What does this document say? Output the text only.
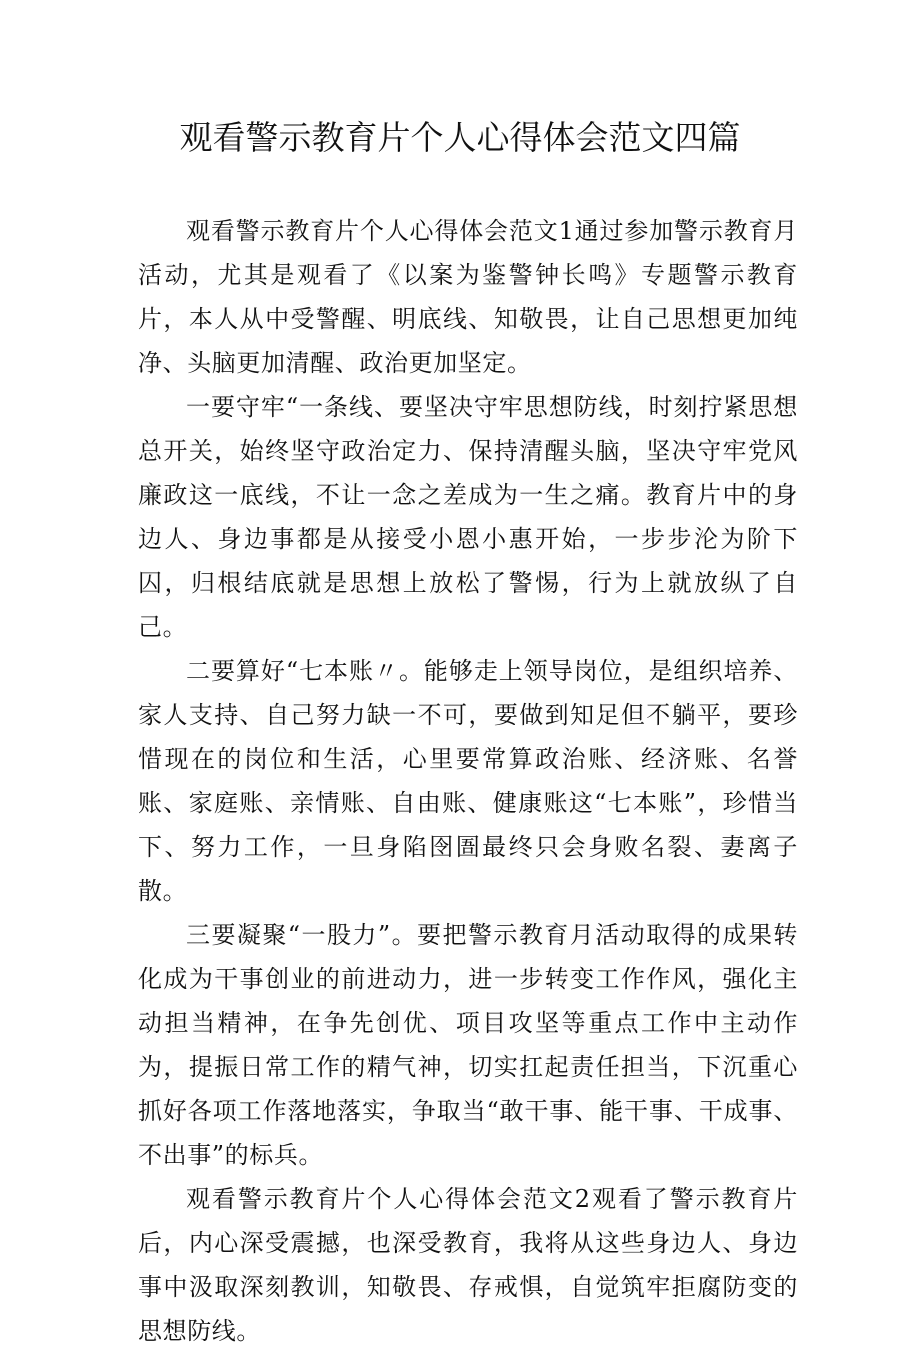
观看警示教育片个人心得体会范文四篇

观看警示教育片个人心得体会范文1通过参加警示教育月活动，尤其是观看了《以案为鉴警钟长鸣》专题警示教育片，本人从中受警醒、明底线、知敬畏，让自己思想更加纯净、头脑更加清醒、政治更加坚定。

一要守牢“一条线、要坚决守牢思想防线，时刻拧紧思想总开关，始终坚守政治定力、保持清醒头脑，坚决守牢党风廉政这一底线，不让一念之差成为一生之痛。教育片中的身边人、身边事都是从接受小恩小惠开始，一步步沦为阶下囚，归根结底就是思想上放松了警惕，行为上就放纵了自己。

二要算好“七本账〃。能够走上领导岗位，是组织培养、家人支持、自己努力缺一不可，要做到知足但不躺平，要珍惜现在的岗位和生活，心里要常算政治账、经济账、名誉账、家庭账、亲情账、自由账、健康账这“七本账”，珍惜当下、努力工作，一旦身陷囹圄最终只会身败名裂、妻离子散。

三要凝聚“一股力”。要把警示教育月活动取得的成果转化成为干事创业的前进动力，进一步转变工作作风，强化主动担当精神，在争先创优、项目攻坚等重点工作中主动作为，提振日常工作的精气神，切实扛起责任担当，下沉重心抓好各项工作落地落实，争取当“敢干事、能干事、干成事、不出事”的标兵。

观看警示教育片个人心得体会范文2观看了警示教育片后，内心深受震撼，也深受教育，我将从这些身边人、身边事中汲取深刻教训，知敬畏、存戒惧，自觉筑牢拒腐防变的思想防线。
